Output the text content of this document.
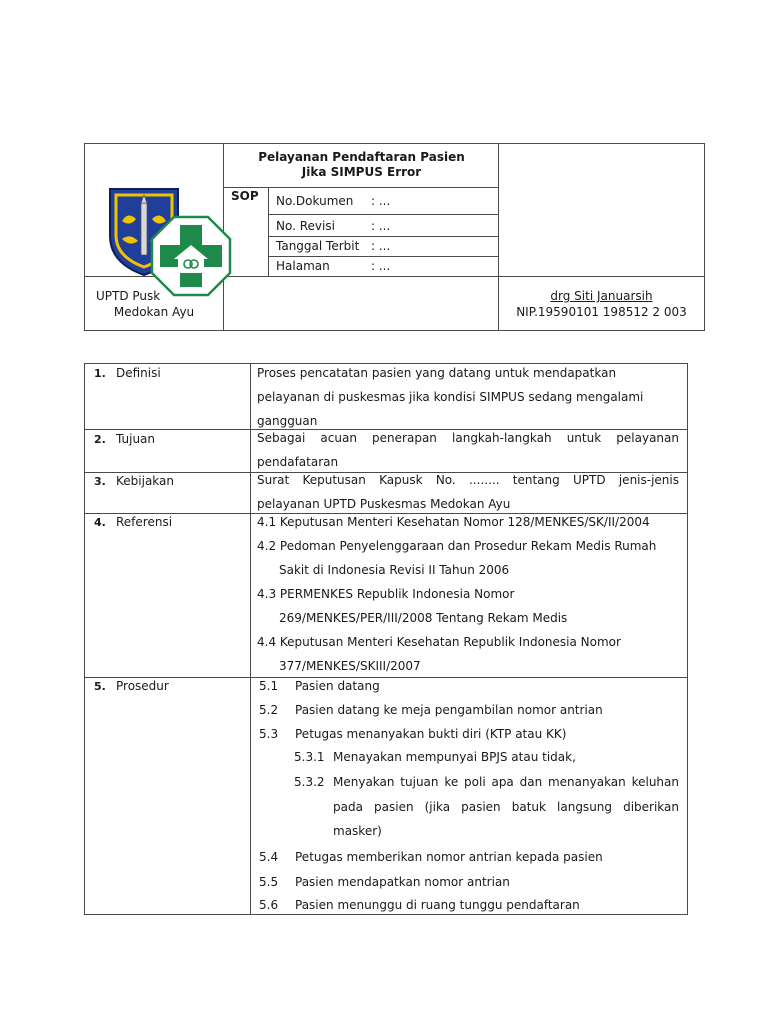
Pelayanan Pendaftaran Pasien
Jika SIMPUS Error
SOP No.Dokumen : ...
No. Revisi	: ...
Tanggal Terbit : ...
Halaman	: ...
UPTD Pusk
Medokan Ayu
drg Siti Januarsih
NIP.19590101 198512 2 003
1. Definisi	Proses pencatatan pasien yang datang untuk mendapatkan
pelayanan di puskesmas jika kondisi SIMPUS sedang mengalami
gangguan
2. Tujuan	Sebagai acuan penerapan langkah-langkah untuk pelayanan
pendafataran
3. Kebijakan	Surat Keputusan Kapusk No. ........ tentang UPTD jenis-jenis
pelayanan UPTD Puskesmas Medokan Ayu
4. Referensi	4.1 Keputusan Menteri Kesehatan Nomor 128/MENKES/SK/II/2004
4.2 Pedoman Penyelenggaraan dan Prosedur Rekam Medis Rumah
Sakit di Indonesia Revisi II Tahun 2006
4.3 PERMENKES Republik Indonesia Nomor
269/MENKES/PER/III/2008 Tentang Rekam Medis
4.4 Keputusan Menteri Kesehatan Republik Indonesia Nomor
377/MENKES/SKIII/2007
5. Prosedur	5.1 Pasien datang
5.2 Pasien datang ke meja pengambilan nomor antrian
5.3 Petugas menanyakan bukti diri (KTP atau KK)
5.3.1 Menayakan mempunyai BPJS atau tidak,
5.3.2 Menyakan tujuan ke poli apa dan menanyakan keluhan pada pasien (jika pasien batuk langsung diberikan masker)
5.4 Petugas memberikan nomor antrian kepada pasien
5.5 Pasien mendapatkan nomor antrian
5.6 Pasien menunggu di ruang tunggu pendaftaran
